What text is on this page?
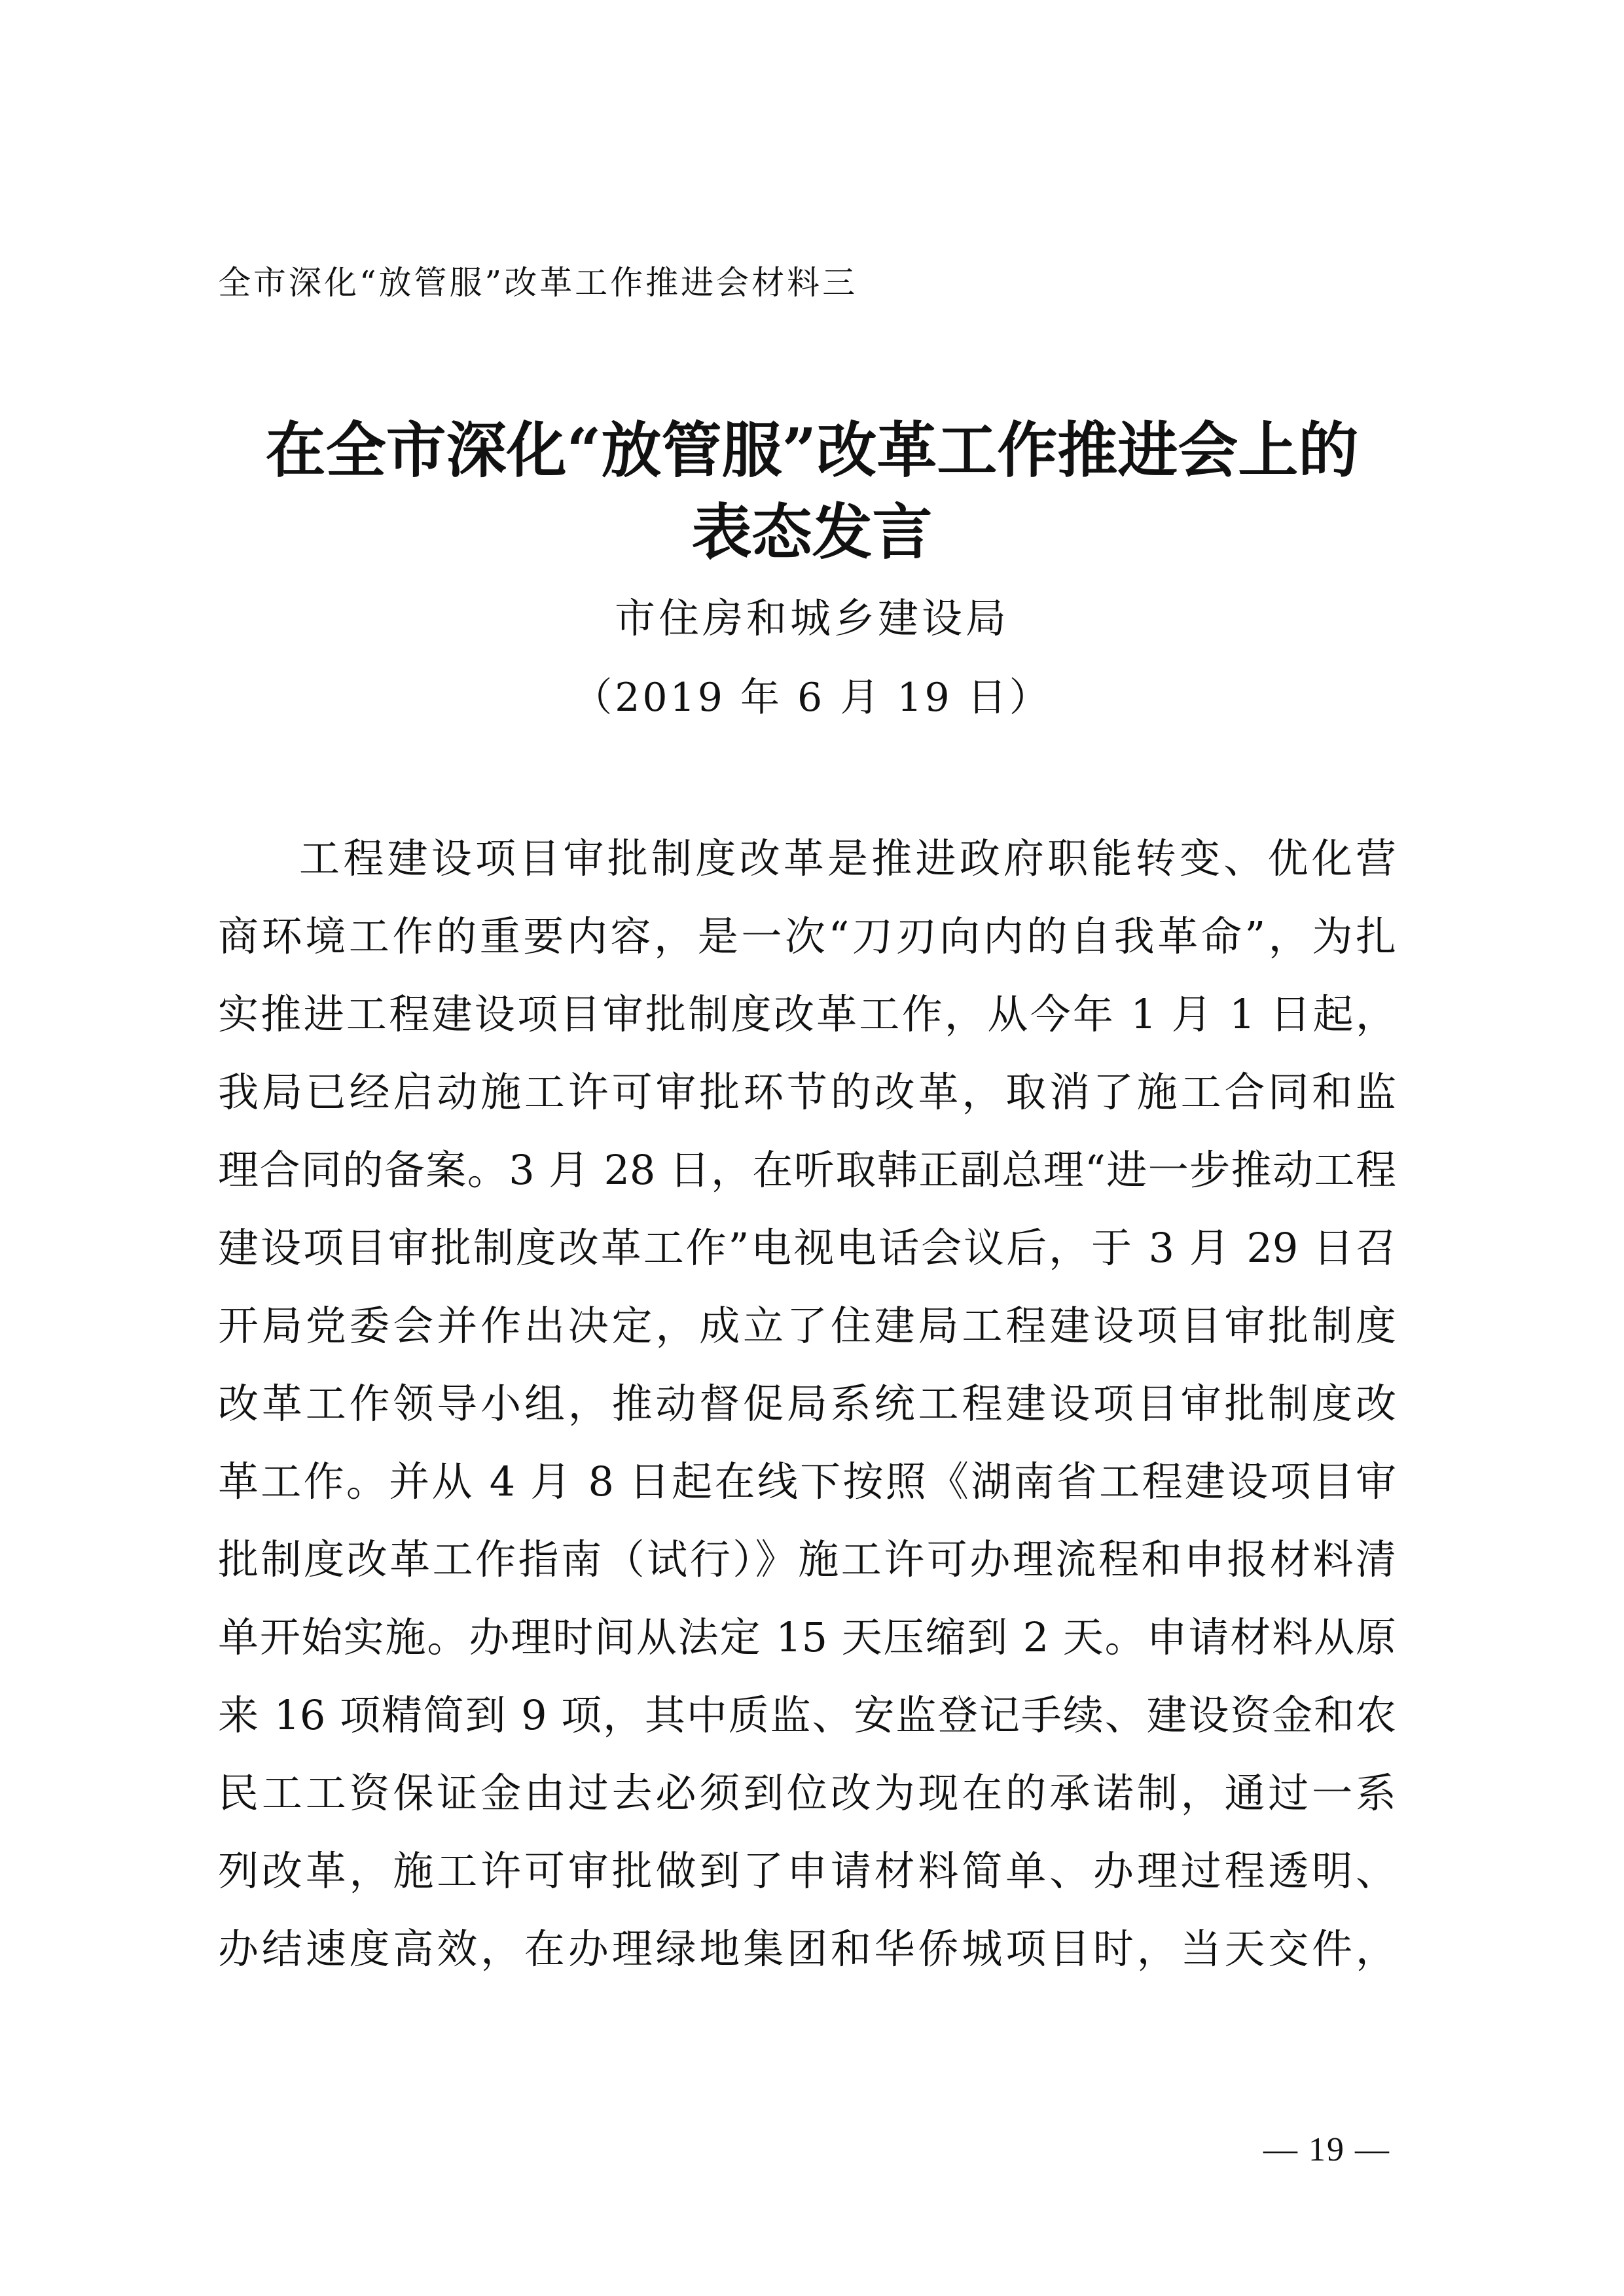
全市深化“放管服”改革工作推进会材料三
在全市深化“放管服”改革工作推进会上的
表态发言
市住房和城乡建设局
（2019 年 6 月 19 日）
工程建设项目审批制度改革是推进政府职能转变、优化营
商环境工作的重要内容，是一次“刀刃向内的自我革命”，为扎
实推进工程建设项目审批制度改革工作，从今年 1 月 1 日起，
我局已经启动施工许可审批环节的改革，取消了施工合同和监
理合同的备案。3 月 28 日，在听取韩正副总理“进一步推动工程
建设项目审批制度改革工作”电视电话会议后，于 3 月 29 日召
开局党委会并作出决定，成立了住建局工程建设项目审批制度
改革工作领导小组，推动督促局系统工程建设项目审批制度改
革工作。并从 4 月 8 日起在线下按照《湖南省工程建设项目审
批制度改革工作指南（试行）》施工许可办理流程和申报材料清
单开始实施。办理时间从法定 15 天压缩到 2 天。申请材料从原
来 16 项精简到 9 项，其中质监、安监登记手续、建设资金和农
民工工资保证金由过去必须到位改为现在的承诺制，通过一系
列改革，施工许可审批做到了申请材料简单、办理过程透明、
办结速度高效，在办理绿地集团和华侨城项目时，当天交件，
— 19 —
